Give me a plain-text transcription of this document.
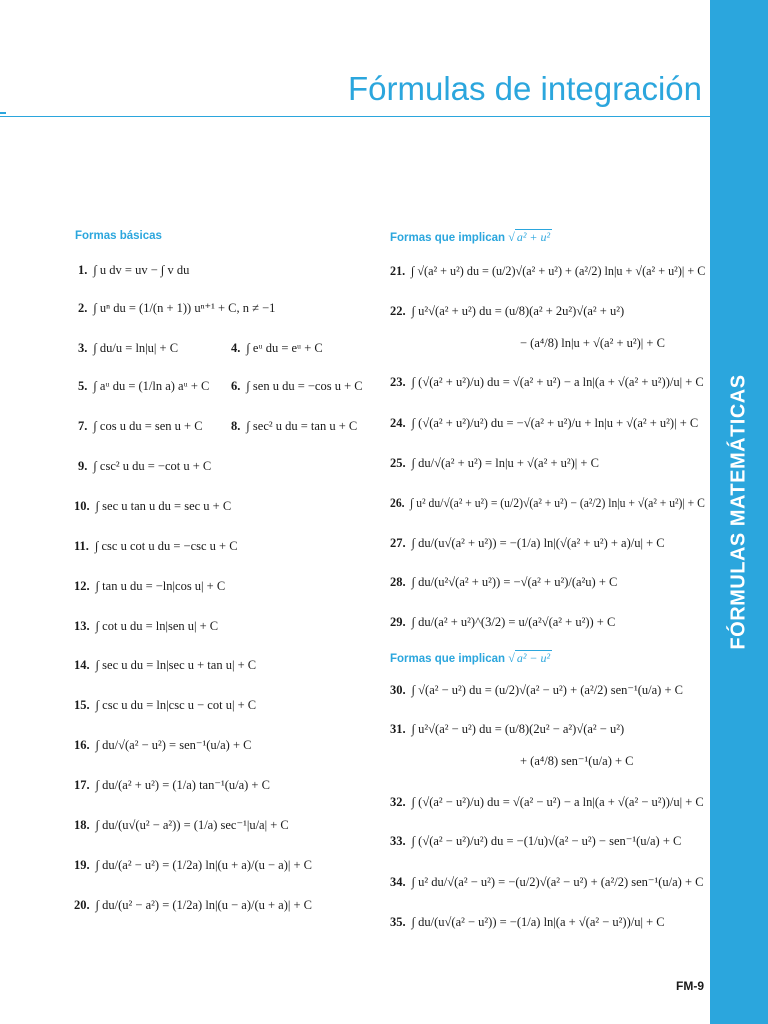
FÓRMULAS MATEMÁTICAS
Fórmulas de integración
Formas básicas	Formas que implican √ a² + u²
Formas que implican √ a² − u²
1. ∫ u dv = uv − ∫ v du
2. ∫ uⁿ du = (1/(n + 1)) uⁿ⁺¹ + C, n ≠ −1
3. ∫ du/u = ln|u| + C	4. ∫ eᵘ du = eᵘ + C
5. ∫ aᵘ du = (1/ln a) aᵘ + C 6. ∫ sen u du = −cos u + C
7. ∫ cos u du = sen u + C 8. ∫ sec² u du = tan u + C
9. ∫ csc² u du = −cot u + C
10. ∫ sec u tan u du = sec u + C
11. ∫ csc u cot u du = −csc u + C
12. ∫ tan u du = −ln|cos u| + C
13. ∫ cot u du = ln|sen u| + C
14. ∫ sec u du = ln|sec u + tan u| + C
15. ∫ csc u du = ln|csc u − cot u| + C
16. ∫ du/√(a² − u²) = sen⁻¹(u/a) + C
17. ∫ du/(a² + u²) = (1/a) tan⁻¹(u/a) + C
18. ∫ du/(u√(u² − a²)) = (1/a) sec⁻¹|u/a| + C
19. ∫ du/(a² − u²) = (1/2a) ln|(u + a)/(u − a)| + C
20. ∫ du/(u² − a²) = (1/2a) ln|(u − a)/(u + a)| + C
21. ∫ √(a² + u²) du = (u/2)√(a² + u²) + (a²/2) ln|u + √(a² + u²)| + C
22. ∫ u²√(a² + u²) du = (u/8)(a² + 2u²)√(a² + u²)
− (a⁴/8) ln|u + √(a² + u²)| + C
23. ∫ (√(a² + u²)/u) du = √(a² + u²) − a ln|(a + √(a² + u²))/u| + C
24. ∫ (√(a² + u²)/u²) du = −√(a² + u²)/u + ln|u + √(a² + u²)| + C
25. ∫ du/√(a² + u²) = ln|u + √(a² + u²)| + C
26. ∫ u² du/√(a² + u²) = (u/2)√(a² + u²) − (a²/2) ln|u + √(a² + u²)| + C
27. ∫ du/(u√(a² + u²)) = −(1/a) ln|(√(a² + u²) + a)/u| + C
28. ∫ du/(u²√(a² + u²)) = −√(a² + u²)/(a²u) + C
29. ∫ du/(a² + u²)^(3/2) = u/(a²√(a² + u²)) + C
30. ∫ √(a² − u²) du = (u/2)√(a² − u²) + (a²/2) sen⁻¹(u/a) + C
31. ∫ u²√(a² − u²) du = (u/8)(2u² − a²)√(a² − u²)
+ (a⁴/8) sen⁻¹(u/a) + C
32. ∫ (√(a² − u²)/u) du = √(a² − u²) − a ln|(a + √(a² − u²))/u| + C
33. ∫ (√(a² − u²)/u²) du = −(1/u)√(a² − u²) − sen⁻¹(u/a) + C
34. ∫ u² du/√(a² − u²) = −(u/2)√(a² − u²) + (a²/2) sen⁻¹(u/a) + C
35. ∫ du/(u√(a² − u²)) = −(1/a) ln|(a + √(a² − u²))/u| + C
FM-9
